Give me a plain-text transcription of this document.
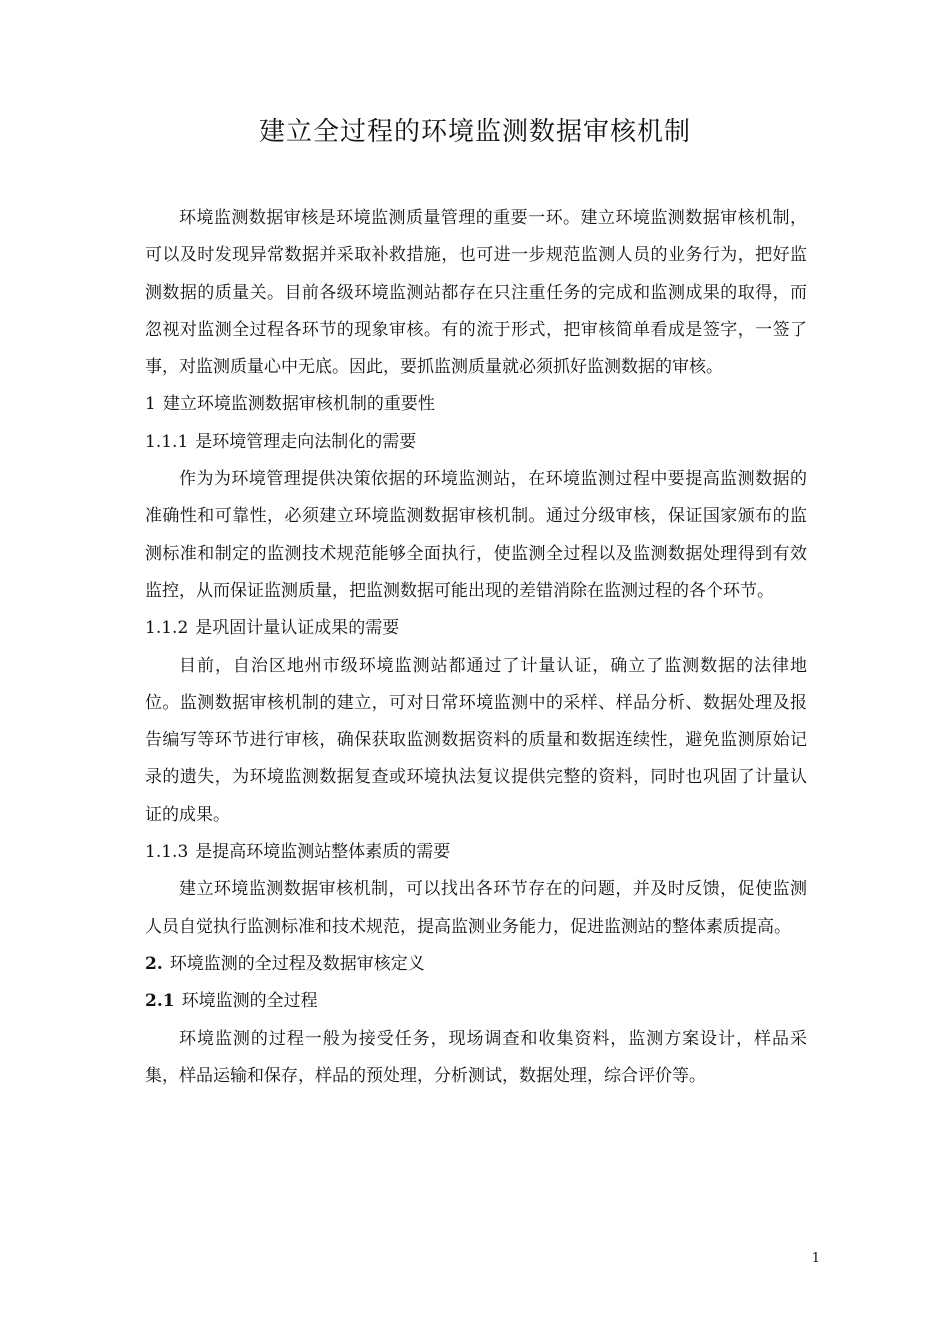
建立全过程的环境监测数据审核机制

环境监测数据审核是环境监测质量管理的重要一环。建立环境监测数据审核机制，可以及时发现异常数据并采取补救措施，也可进一步规范监测人员的业务行为，把好监测数据的质量关。目前各级环境监测站都存在只注重任务的完成和监测成果的取得，而忽视对监测全过程各环节的现象审核。有的流于形式，把审核简单看成是签字，一签了事，对监测质量心中无底。因此，要抓监测质量就必须抓好监测数据的审核。

1 建立环境监测数据审核机制的重要性

1.1.1 是环境管理走向法制化的需要

作为为环境管理提供决策依据的环境监测站，在环境监测过程中要提高监测数据的准确性和可靠性，必须建立环境监测数据审核机制。通过分级审核，保证国家颁布的监测标准和制定的监测技术规范能够全面执行，使监测全过程以及监测数据处理得到有效监控，从而保证监测质量，把监测数据可能出现的差错消除在监测过程的各个环节。

1.1.2 是巩固计量认证成果的需要

目前，自治区地州市级环境监测站都通过了计量认证，确立了监测数据的法律地位。监测数据审核机制的建立，可对日常环境监测中的采样、样品分析、数据处理及报告编写等环节进行审核，确保获取监测数据资料的质量和数据连续性，避免监测原始记录的遗失，为环境监测数据复查或环境执法复议提供完整的资料，同时也巩固了计量认证的成果。

1.1.3 是提高环境监测站整体素质的需要

建立环境监测数据审核机制，可以找出各环节存在的问题，并及时反馈，促使监测人员自觉执行监测标准和技术规范，提高监测业务能力，促进监测站的整体素质提高。

2. 环境监测的全过程及数据审核定义

2.1 环境监测的全过程

环境监测的过程一般为接受任务，现场调查和收集资料，监测方案设计，样品采集，样品运输和保存，样品的预处理，分析测试，数据处理，综合评价等。

1
